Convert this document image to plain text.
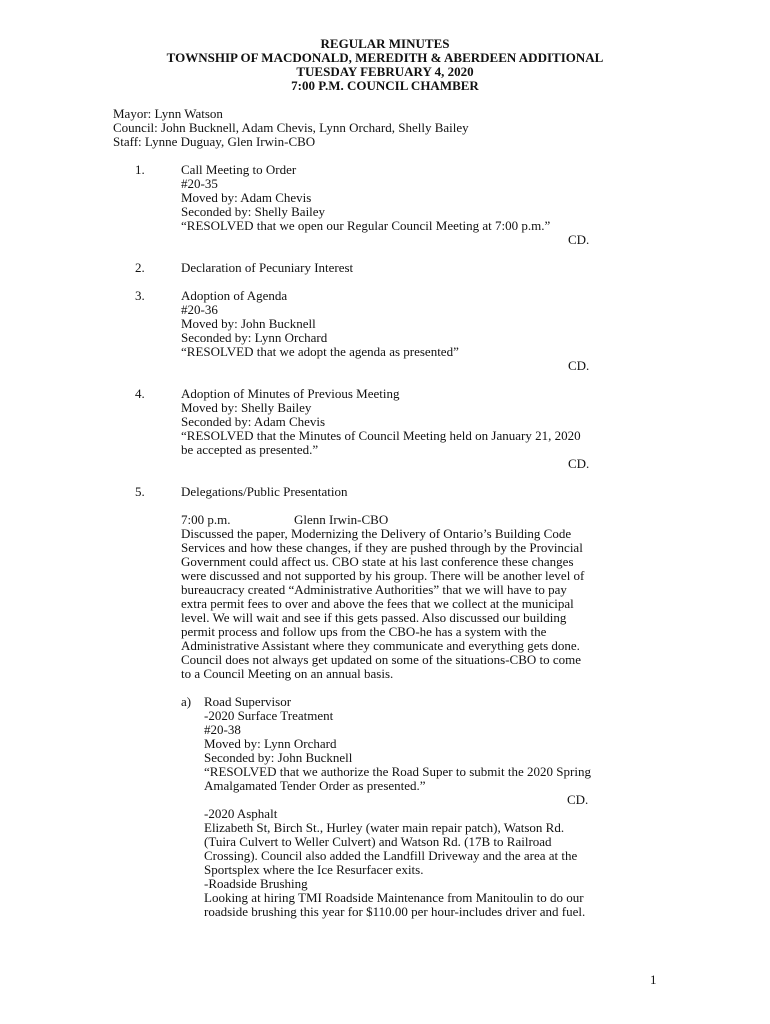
REGULAR MINUTES
TOWNSHIP OF MACDONALD, MEREDITH & ABERDEEN ADDITIONAL
TUESDAY FEBRUARY 4, 2020
7:00 P.M. COUNCIL CHAMBER
Mayor: Lynn Watson
Council: John Bucknell, Adam Chevis, Lynn Orchard, Shelly Bailey
Staff: Lynne Duguay, Glen Irwin-CBO
1.	Call Meeting to Order
#20-35
Moved by: Adam Chevis
Seconded by: Shelly Bailey
“RESOLVED that we open our Regular Council Meeting at 7:00 p.m.”
CD.
2.	Declaration of Pecuniary Interest
3.	Adoption of Agenda
#20-36
Moved by: John Bucknell
Seconded by: Lynn Orchard
“RESOLVED that we adopt the agenda as presented”
CD.
4.	Adoption of Minutes of Previous Meeting
Moved by: Shelly Bailey
Seconded by: Adam Chevis
“RESOLVED that the Minutes of Council Meeting held on January 21, 2020
be accepted as presented.”
CD.
5.	Delegations/Public Presentation
7:00 p.m.	Glenn Irwin-CBO
Discussed the paper, Modernizing the Delivery of Ontario’s Building Code
Services and how these changes, if they are pushed through by the Provincial
Government could affect us. CBO state at his last conference these changes
were discussed and not supported by his group. There will be another level of
bureaucracy created “Administrative Authorities” that we will have to pay
extra permit fees to over and above the fees that we collect at the municipal
level. We will wait and see if this gets passed. Also discussed our building
permit process and follow ups from the CBO-he has a system with the
Administrative Assistant where they communicate and everything gets done.
Council does not always get updated on some of the situations-CBO to come
to a Council Meeting on an annual basis.
a) Road Supervisor
-2020 Surface Treatment
#20-38
Moved by: Lynn Orchard
Seconded by: John Bucknell
“RESOLVED that we authorize the Road Super to submit the 2020 Spring
Amalgamated Tender Order as presented.”
CD.
-2020 Asphalt
Elizabeth St, Birch St., Hurley (water main repair patch), Watson Rd.
(Tuira Culvert to Weller Culvert) and Watson Rd. (17B to Railroad
Crossing). Council also added the Landfill Driveway and the area at the
Sportsplex where the Ice Resurfacer exits.
-Roadside Brushing
Looking at hiring TMI Roadside Maintenance from Manitoulin to do our
roadside brushing this year for $110.00 per hour-includes driver and fuel.
1
